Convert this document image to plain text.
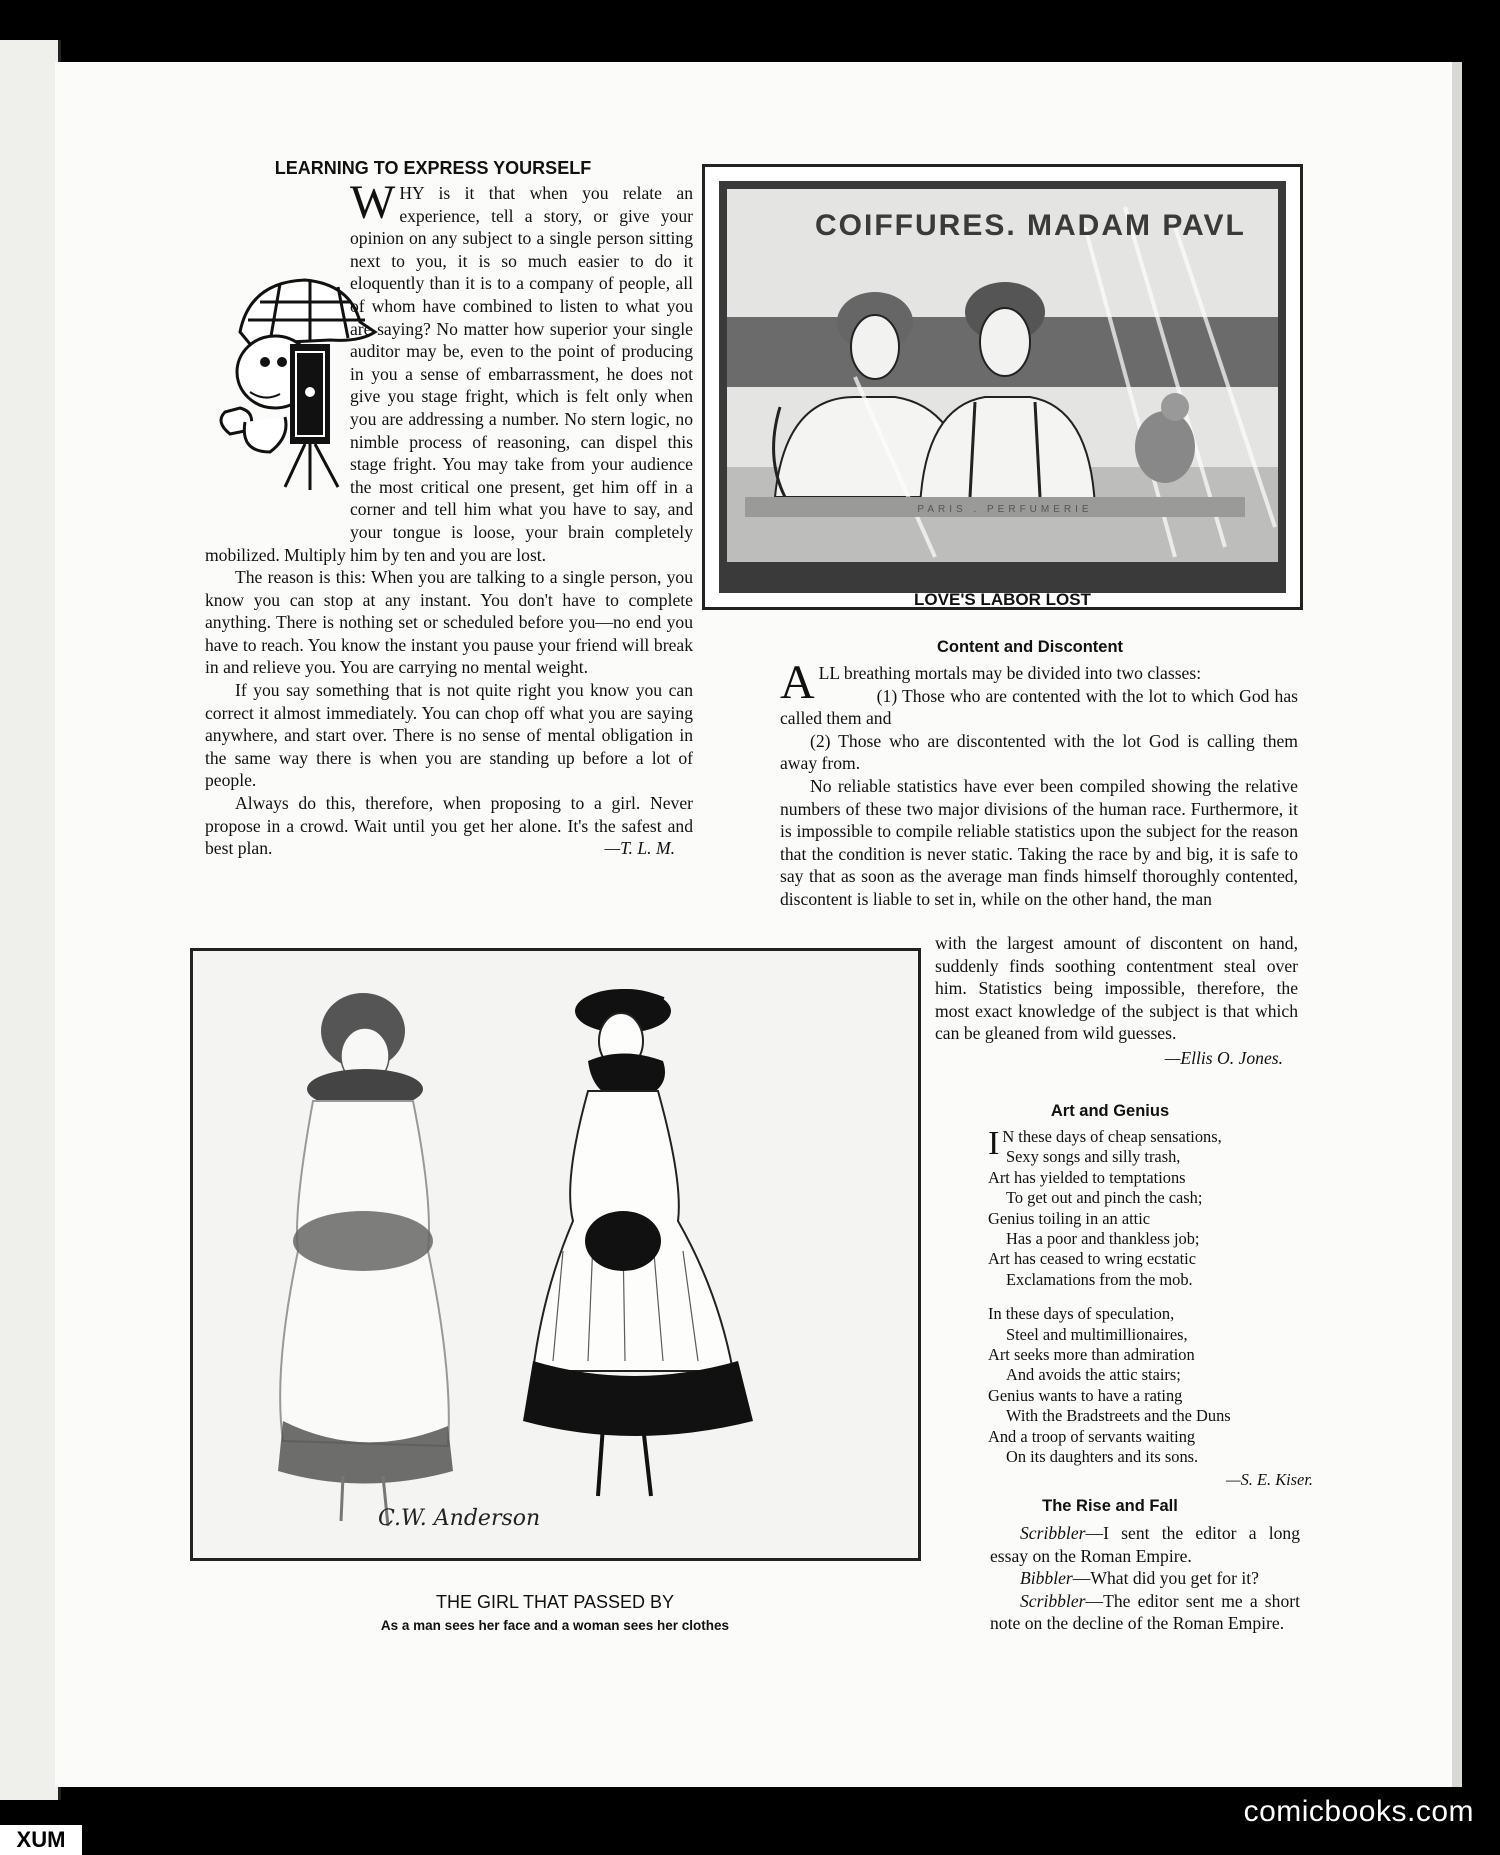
LEARNING TO EXPRESS YOURSELF

WHY is it that when you relate an experience, tell a story, or give your opinion on any subject to a single person sitting next to you, it is so much easier to do it eloquently than it is to a company of people, all of whom have combined to listen to what you are saying? No matter how superior your single auditor may be, even to the point of producing in you a sense of embarrassment, he does not give you stage fright, which is felt only when you are addressing a number. No stern logic, no nimble process of reasoning, can dispel this stage fright. You may take from your audience the most critical one present, get him off in a corner and tell him what you have to say, and your tongue is loose, your brain completely mobilized. Multiply him by ten and you are lost.

The reason is this: When you are talking to a single person, you know you can stop at any instant. You don't have to complete anything. There is nothing set or scheduled before you—no end you have to reach. You know the instant you pause your friend will break in and relieve you. You are carrying no mental weight.

If you say something that is not quite right you know you can correct it almost immediately. You can chop off what you are saying anywhere, and start over. There is no sense of mental obligation in the same way there is when you are standing up before a lot of people.

Always do this, therefore, when proposing to a girl. Never propose in a crowd. Wait until you get her alone. It's the safest and best plan.	—T. L. M.

PARIS . PERFUMERIE
COIFFURES. MADAM PAVL
LOVE'S LABOR LOST
Content and Discontent

ALL breathing mortals may be divided into two classes:

(1) Those who are contented with the lot to which God has called them and

(2) Those who are discontented with the lot God is calling them away from.

No reliable statistics have ever been compiled showing the relative numbers of these two major divisions of the human race. Furthermore, it is impossible to compile reliable statistics upon the subject for the reason that the condition is never static. Taking the race by and big, it is safe to say that as soon as the average man finds himself thoroughly contented, discontent is liable to set in, while on the other hand, the man

with the largest amount of discontent on hand, suddenly finds soothing contentment steal over him. Statistics being impossible, therefore, the most exact knowledge of the subject is that which can be gleaned from wild guesses.

—Ellis O. Jones.
C.W. Anderson
THE GIRL THAT PASSED BY
As a man sees her face and a woman sees her clothes
Art and Genius
I N these days of cheap sensations,
Sexy songs and silly trash,
Art has yielded to temptations
To get out and pinch the cash;
Genius toiling in an attic
Has a poor and thankless job;
Art has ceased to wring ecstatic
Exclamations from the mob.
In these days of speculation,
Steel and multimillionaires,
Art seeks more than admiration
And avoids the attic stairs;
Genius wants to have a rating
With the Bradstreets and the Duns
And a troop of servants waiting
On its daughters and its sons.
—S. E. Kiser.
The Rise and Fall

Scribbler—I sent the editor a long essay on the Roman Empire.

Bibbler—What did you get for it?

Scribbler—The editor sent me a short note on the decline of the Roman Empire.

XUM
comicbooks.com
